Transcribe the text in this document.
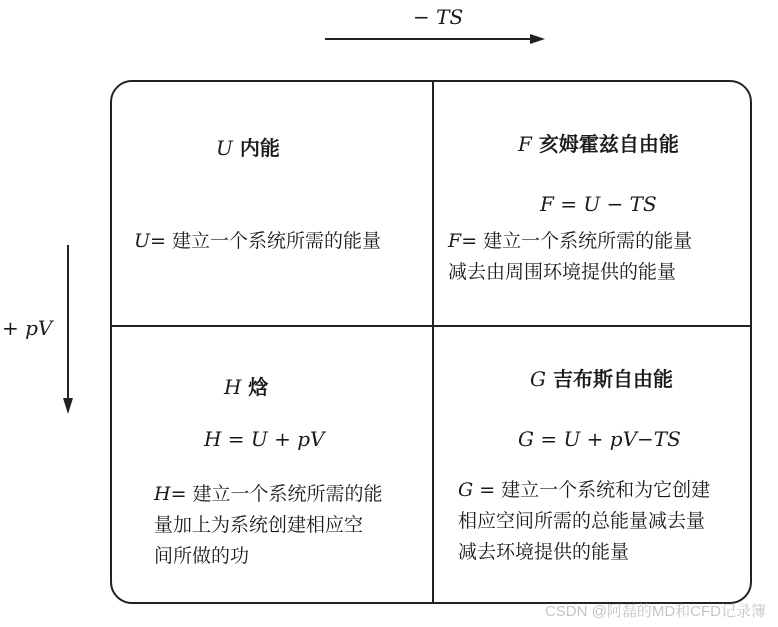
− TS
+ pV
U 内能
U= 建立一个系统所需的能量
F 亥姆霍兹自由能
F = U − TS
F= 建立一个系统所需的能量
减去由周围环境提供的能量
H 焓
H = U + pV
H= 建立一个系统所需的能
量加上为系统创建相应空
间所做的功
G 吉布斯自由能
G = U + pV−TS
G = 建立一个系统和为它创建
相应空间所需的总能量减去量
减去环境提供的能量
CSDN @阿磊的MD和CFD记录簿
